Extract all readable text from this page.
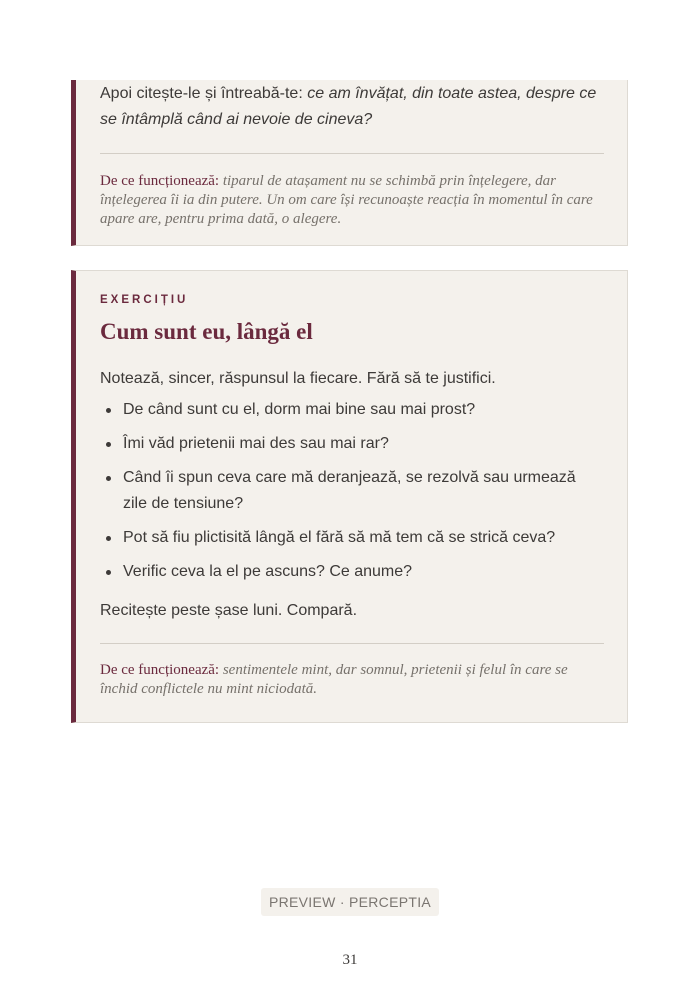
Apoi citește-le și întreabă-te: ce am învățat, din toate astea, despre ce se întâmplă când ai nevoie de cineva?

De ce funcționează: tiparul de atașament nu se schimbă prin înțelegere, dar înțelegerea îi ia din putere. Un om care își recunoaște reacția în momentul în care apare are, pentru prima dată, o alegere.

EXERCIȚIU

Cum sunt eu, lângă el

Notează, sincer, răspunsul la fiecare. Fără să te justifici.

De când sunt cu el, dorm mai bine sau mai prost?
Îmi văd prietenii mai des sau mai rar?
Când îi spun ceva care mă deranjează, se rezolvă sau urmează zile de tensiune?
Pot să fiu plictisită lângă el fără să mă tem că se strică ceva?
Verific ceva la el pe ascuns? Ce anume?

Recitește peste șase luni. Compară.

De ce funcționează: sentimentele mint, dar somnul, prietenii și felul în care se închid conflictele nu mint niciodată.

PREVIEW · PERCEPTIA
31
